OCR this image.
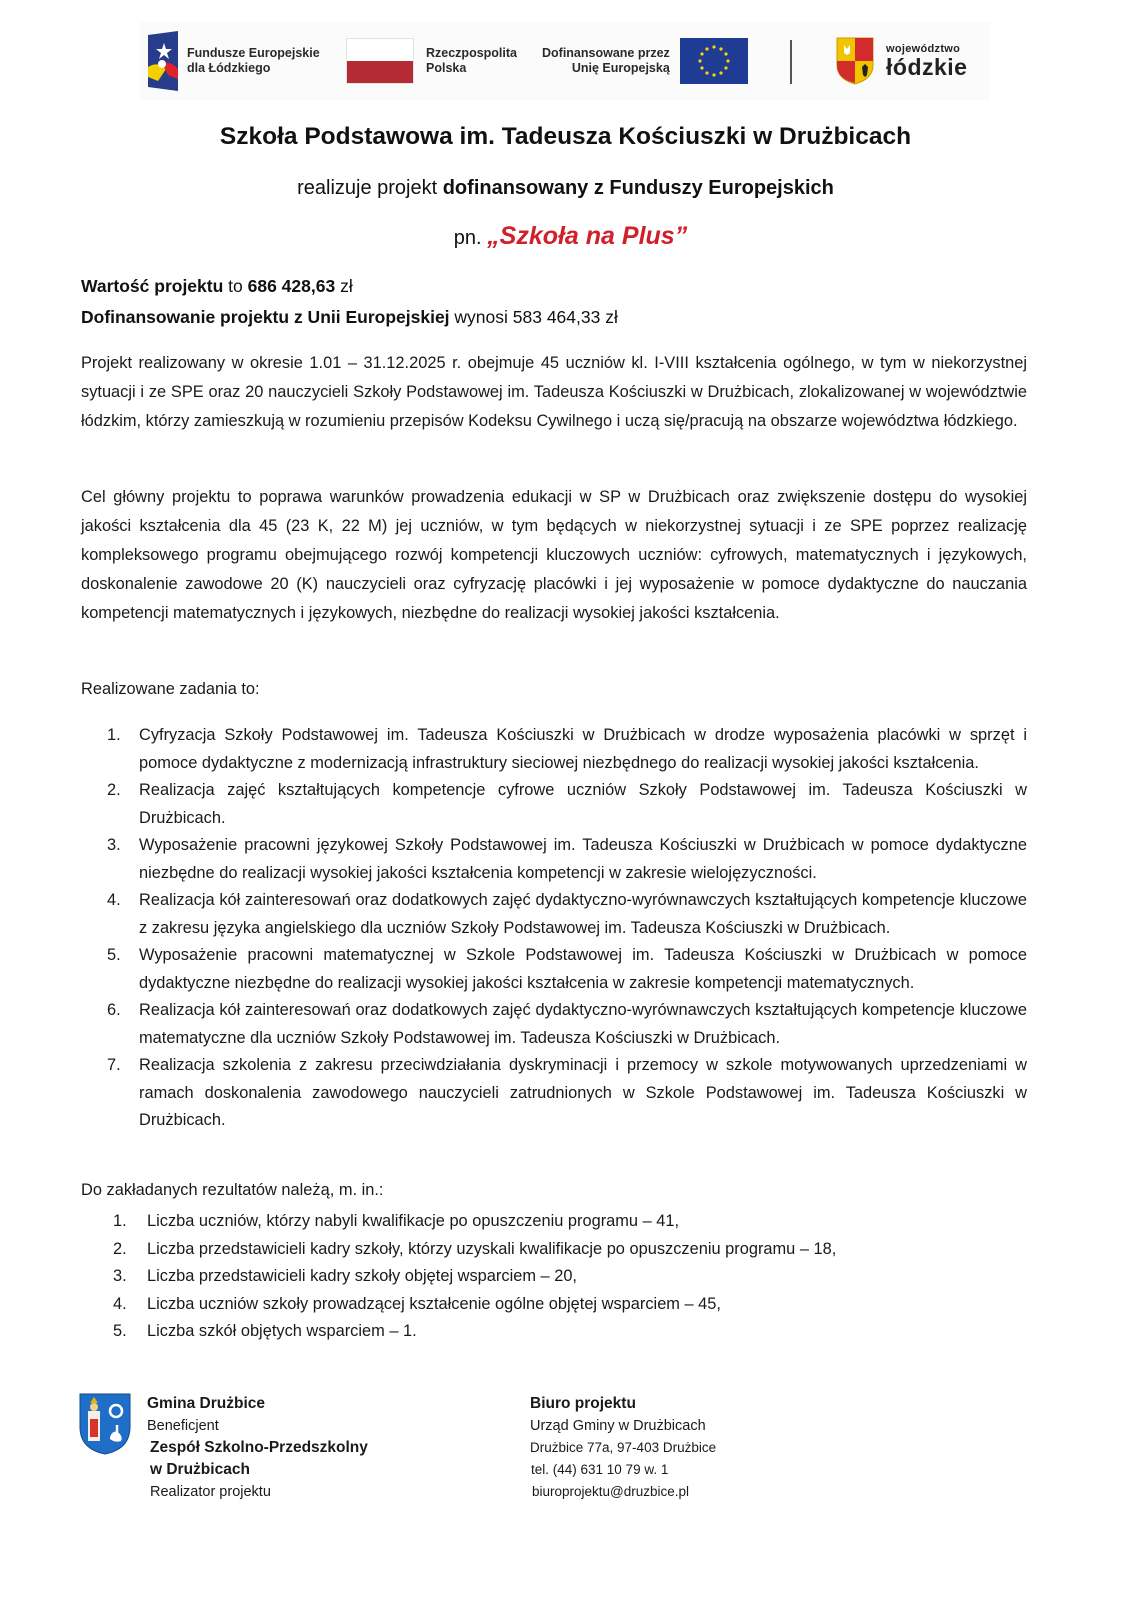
Fundusze Europejskie
dla Łódzkiego
Rzeczpospolita
Polska
Dofinansowane przez
Unię Europejską
województwo
łódzkie
Szkoła Podstawowa im. Tadeusza Kościuszki w Drużbicach
realizuje projekt dofinansowany z Funduszy Europejskich
pn. „Szkoła na Plus”
Wartość projektu to 686 428,63 zł
Dofinansowanie projektu z Unii Europejskiej wynosi 583 464,33 zł
Projekt realizowany w okresie 1.01 – 31.12.2025 r. obejmuje 45 uczniów kl. I-VIII kształcenia ogólnego, w tym w niekorzystnej sytuacji i ze SPE oraz 20 nauczycieli Szkoły Podstawowej im. Tadeusza Kościuszki w Drużbicach, zlokalizowanej w województwie łódzkim, którzy zamieszkują w rozumieniu przepisów Kodeksu Cywilnego i uczą się/pracują na obszarze województwa łódzkiego.
Cel główny projektu to poprawa warunków prowadzenia edukacji w SP w Drużbicach oraz zwiększenie dostępu do wysokiej jakości kształcenia dla 45 (23 K, 22 M) jej uczniów, w tym będących w niekorzystnej sytuacji i ze SPE poprzez realizację kompleksowego programu obejmującego rozwój kompetencji kluczowych uczniów: cyfrowych, matematycznych i językowych, doskonalenie zawodowe 20 (K) nauczycieli oraz cyfryzację placówki i jej wyposażenie w pomoce dydaktyczne do nauczania kompetencji matematycznych i językowych, niezbędne do realizacji wysokiej jakości kształcenia.
Realizowane zadania to:
1. Cyfryzacja Szkoły Podstawowej im. Tadeusza Kościuszki w Drużbicach w drodze wyposażenia placówki w sprzęt i pomoce dydaktyczne z modernizacją infrastruktury sieciowej niezbędnego do realizacji wysokiej jakości kształcenia.
2. Realizacja zajęć kształtujących kompetencje cyfrowe uczniów Szkoły Podstawowej im. Tadeusza Kościuszki w Drużbicach.
3. Wyposażenie pracowni językowej Szkoły Podstawowej im. Tadeusza Kościuszki w Drużbicach w pomoce dydaktyczne niezbędne do realizacji wysokiej jakości kształcenia kompetencji w zakresie wielojęzyczności.
4. Realizacja kół zainteresowań oraz dodatkowych zajęć dydaktyczno-wyrównawczych kształtujących kompetencje kluczowe z zakresu języka angielskiego dla uczniów Szkoły Podstawowej im. Tadeusza Kościuszki w Drużbicach.
5. Wyposażenie pracowni matematycznej w Szkole Podstawowej im. Tadeusza Kościuszki w Drużbicach w pomoce dydaktyczne niezbędne do realizacji wysokiej jakości kształcenia w zakresie kompetencji matematycznych.
6. Realizacja kół zainteresowań oraz dodatkowych zajęć dydaktyczno-wyrównawczych kształtujących kompetencje kluczowe matematyczne dla uczniów Szkoły Podstawowej im. Tadeusza Kościuszki w Drużbicach.
7. Realizacja szkolenia z zakresu przeciwdziałania dyskryminacji i przemocy w szkole motywowanych uprzedzeniami w ramach doskonalenia zawodowego nauczycieli zatrudnionych w Szkole Podstawowej im. Tadeusza Kościuszki w Drużbicach.
Do zakładanych rezultatów należą, m. in.:
1. Liczba uczniów, którzy nabyli kwalifikacje po opuszczeniu programu – 41,
2. Liczba przedstawicieli kadry szkoły, którzy uzyskali kwalifikacje po opuszczeniu programu – 18,
3. Liczba przedstawicieli kadry szkoły objętej wsparciem – 20,
4. Liczba uczniów szkoły prowadzącej kształcenie ogólne objętej wsparciem – 45,
5. Liczba szkół objętych wsparciem – 1.
Gmina Drużbice
Beneficjent
Zespół Szkolno-Przedszkolny
w Drużbicach
Realizator projektu
Biuro projektu
Urząd Gminy w Drużbicach
Drużbice 77a, 97-403 Drużbice
tel. (44) 631 10 79 w. 1
biuroprojektu@druzbice.pl
